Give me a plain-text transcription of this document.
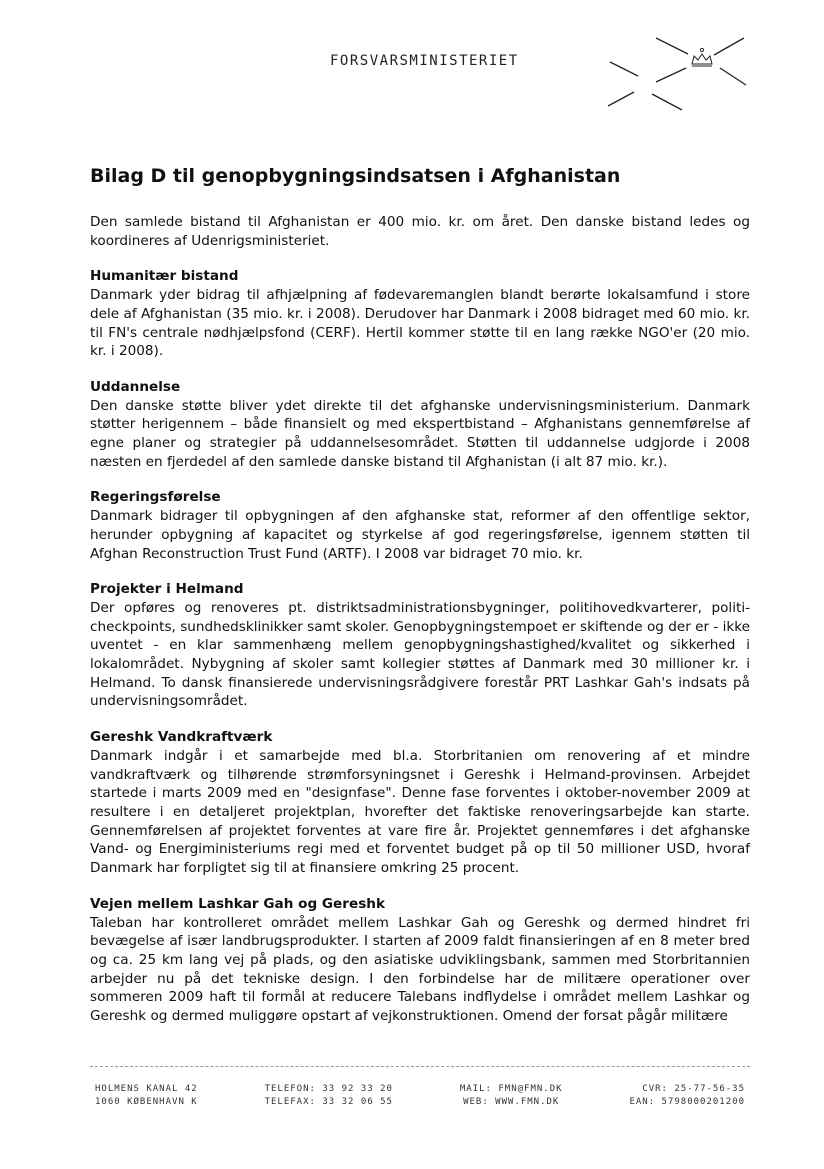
FORSVARSMINISTERIET
Bilag D til genopbygningsindsatsen i Afghanistan

Den samlede bistand til Afghanistan er 400 mio. kr. om året. Den danske bistand ledes og koordineres af Udenrigsministeriet.

Humanitær bistand

Danmark yder bidrag til afhjælpning af fødevaremanglen blandt berørte lokalsamfund i store dele af Afghanistan (35 mio. kr. i 2008). Derudover har Danmark i 2008 bidraget med 60 mio. kr. til FN's centrale nødhjælpsfond (CERF). Hertil kommer støtte til en lang række NGO'er (20 mio. kr. i 2008).

Uddannelse

Den danske støtte bliver ydet direkte til det afghanske undervisningsministerium. Danmark støtter herigennem – både finansielt og med ekspertbistand – Afghanistans gennemførelse af egne planer og strategier på uddannelsesområdet. Støtten til uddannelse udgjorde i 2008 næsten en fjerdedel af den samlede danske bistand til Afghanistan (i alt 87 mio. kr.).

Regeringsførelse

Danmark bidrager til opbygningen af den afghanske stat, reformer af den offentlige sektor, herunder opbygning af kapacitet og styrkelse af god regeringsførelse, igennem støtten til Afghan Reconstruction Trust Fund (ARTF). I 2008 var bidraget 70 mio. kr.

Projekter i Helmand

Der opføres og renoveres pt. distriktsadministrationsbygninger, politihovedkvarterer, politi-checkpoints, sundhedsklinikker samt skoler. Genopbygningstempoet er skiftende og der er - ikke uventet - en klar sammenhæng mellem genopbygningshastighed/kvalitet og sikkerhed i lokalområdet. Nybygning af skoler samt kollegier støttes af Danmark med 30 millioner kr. i Helmand. To dansk finansierede undervisningsrådgivere forestår PRT Lashkar Gah's indsats på undervisningsområdet.

Gereshk Vandkraftværk

Danmark indgår i et samarbejde med bl.a. Storbritanien om renovering af et mindre vandkraftværk og tilhørende strømforsyningsnet i Gereshk i Helmand-provinsen. Arbejdet startede i marts 2009 med en "designfase". Denne fase forventes i oktober-november 2009 at resultere i en detaljeret projektplan, hvorefter det faktiske renoveringsarbejde kan starte. Gennemførelsen af projektet forventes at vare fire år. Projektet gennemføres i det afghanske Vand- og Energiministeriums regi med et forventet budget på op til 50 millioner USD, hvoraf Danmark har forpligtet sig til at finansiere omkring 25 procent.

Vejen mellem Lashkar Gah og Gereshk

Taleban har kontrolleret området mellem Lashkar Gah og Gereshk og dermed hindret fri bevægelse af især landbrugsprodukter. I starten af 2009 faldt finansieringen af en 8 meter bred og ca. 25 km lang vej på plads, og den asiatiske udviklingsbank, sammen med Storbritannien arbejder nu på det tekniske design. I den forbindelse har de militære operationer over sommeren 2009 haft til formål at reducere Talebans indflydelse i området mellem Lashkar og Gereshk og dermed muliggøre opstart af vejkonstruktionen. Omend der forsat pågår militære

HOLMENS KANAL 42
1060 KØBENHAVN K
TELEFON: 33 92 33 20
TELEFAX: 33 32 06 55
MAIL: FMN@FMN.DK
WEB: WWW.FMN.DK
CVR: 25-77-56-35
EAN: 5798000201200
